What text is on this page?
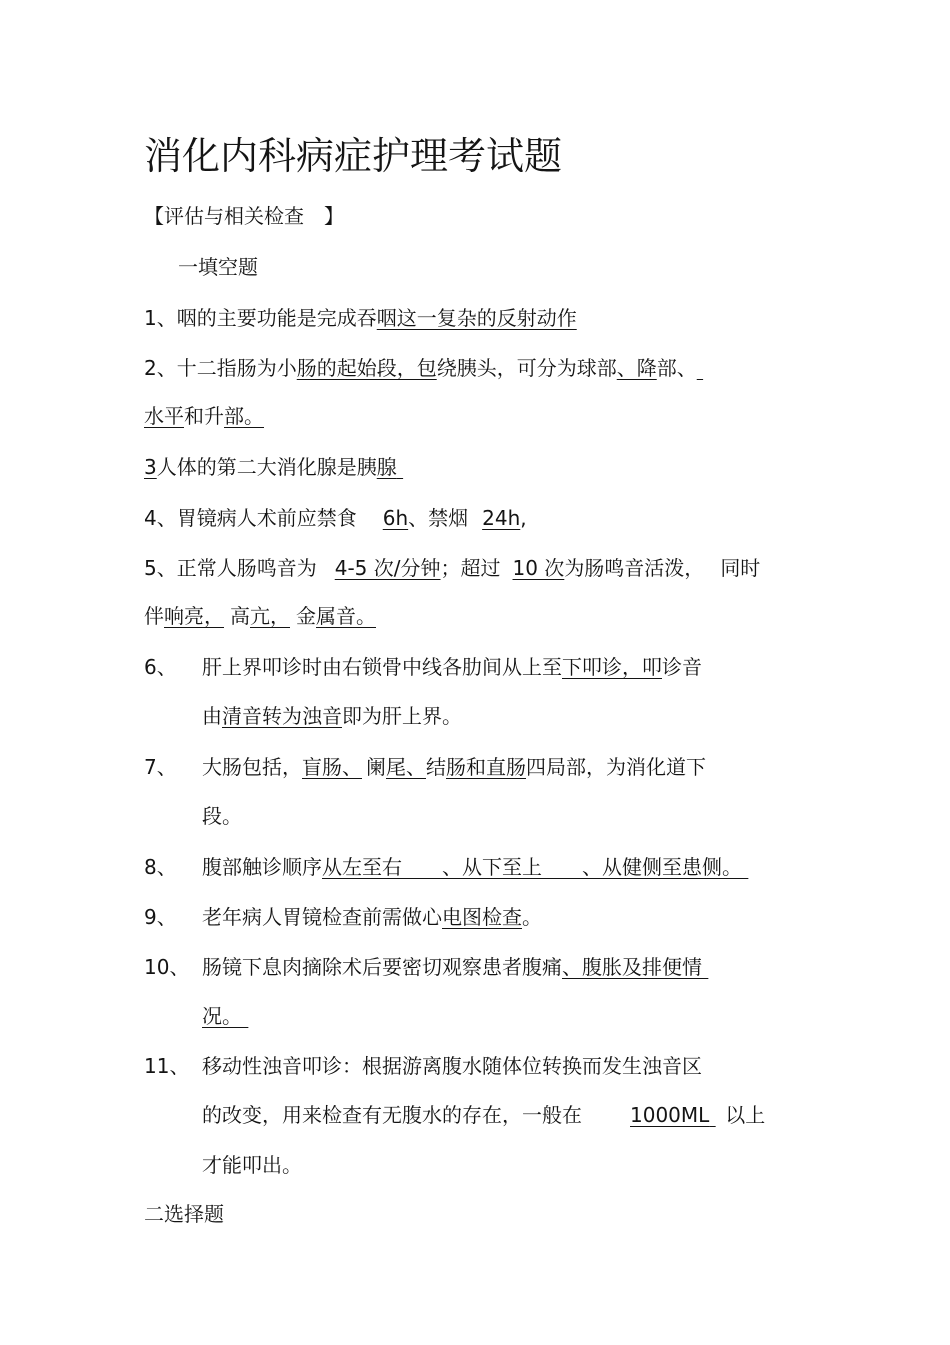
消化内科病症护理考试题
【评估与相关检查　】
一填空题
1、咽的主要功能是完成吞咽这一复杂的反射动作
2、十二指肠为小肠的起始段，包绕胰头，可分为球部、降部、
水平和升部。
3人体的第二大消化腺是胰腺
4、胃镜病人术前应禁食 6h、禁烟 24h,
5、正常人肠鸣音为 4-5 次/分钟；超过 10 次为肠鸣音活泼， 同时
伴响亮， 高亢， 金属音。
6、 肝上界叩诊时由右锁骨中线各肋间从上至下叩诊，叩诊音
由清音转为浊音即为肝上界。
7、 大肠包括，盲肠、 阑尾、结肠和直肠四局部，为消化道下
段。
8、 腹部触诊顺序从左至右　　、从下至上　　、从健侧至患侧。
9、 老年病人胃镜检查前需做心电图检查。
10、 肠镜下息肉摘除术后要密切观察患者腹痛、腹胀及排便情
况。
11、 移动性浊音叩诊：根据游离腹水随体位转换而发生浊音区
的改变，用来检查有无腹水的存在，一般在 1000ML 以上
才能叩出。
二选择题
